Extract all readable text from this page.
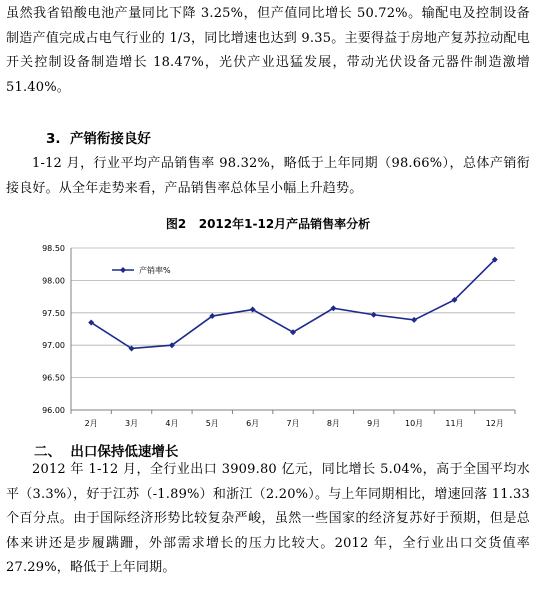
虽然我省铅酸电池产量同比下降 3.25%，但产值同比增长 50.72%。输配电及控制设备制造产值完成占电气行业的 1/3，同比增速也达到 9.35。主要得益于房地产复苏拉动配电开关控制设备制造增长 18.47%，光伏产业迅猛发展，带动光伏设备元器件制造激增 51.40%。

3. 产销衔接良好

1-12 月，行业平均产品销售率 98.32%，略低于上年同期（98.66%），总体产销衔接良好。从全年走势来看，产品销售率总体呈小幅上升趋势。

图2 2012年1-12月产品销售率分析
96.00
96.50
97.00
97.50
98.00
98.50
2月	3月	4月	5月	6月	7月	8月	9月	10月	11月	12月
产销率%
二、 出口保持低速增长

2012 年 1-12 月，全行业出口 3909.80 亿元，同比增长 5.04%，高于全国平均水平（3.3%），好于江苏（-1.89%）和浙江（2.20%）。与上年同期相比，增速回落 11.33 个百分点。由于国际经济形势比较复杂严峻，虽然一些国家的经济复苏好于预期，但是总体来讲还是步履蹒跚，外部需求增长的压力比较大。2012 年，全行业出口交货值率 27.29%，略低于上年同期。
